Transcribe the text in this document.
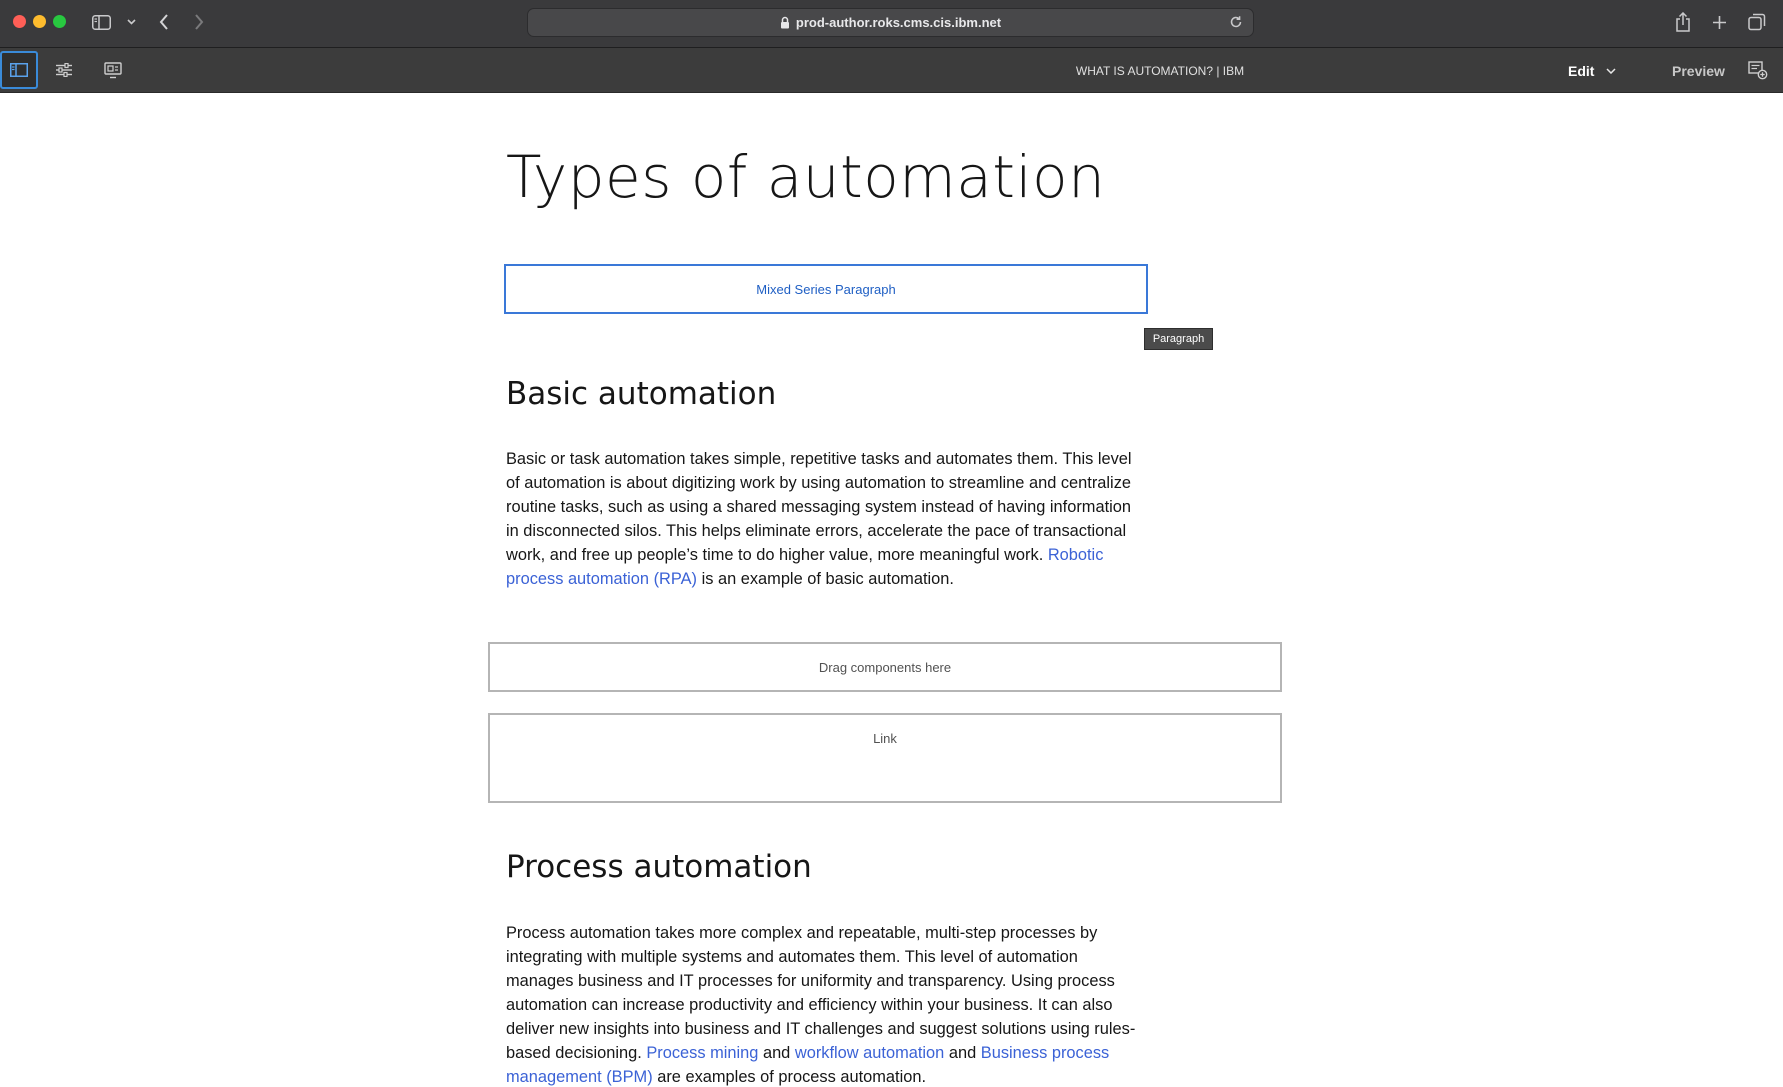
prod-author.roks.cms.cis.ibm.net
WHAT IS AUTOMATION? | IBM	Edit	Preview
Types of automation
Mixed Series Paragraph
Paragraph
Basic automation

Basic or task automation takes simple, repetitive tasks and automates them. This level of automation is about digitizing work by using automation to streamline and centralize routine tasks, such as using a shared messaging system instead of having information in disconnected silos. This helps eliminate errors, accelerate the pace of transactional work, and free up people’s time to do higher value, more meaningful work. Robotic process automation (RPA) is an example of basic automation.

Drag components here
Link
Process automation

Process automation takes more complex and repeatable, multi-step processes by integrating with multiple systems and automates them. This level of automation manages business and IT processes for uniformity and transparency. Using process automation can increase productivity and efficiency within your business. It can also deliver new insights into business and IT challenges and suggest solutions using rules-based decisioning. Process mining and workflow automation and Business process management (BPM) are examples of process automation.
